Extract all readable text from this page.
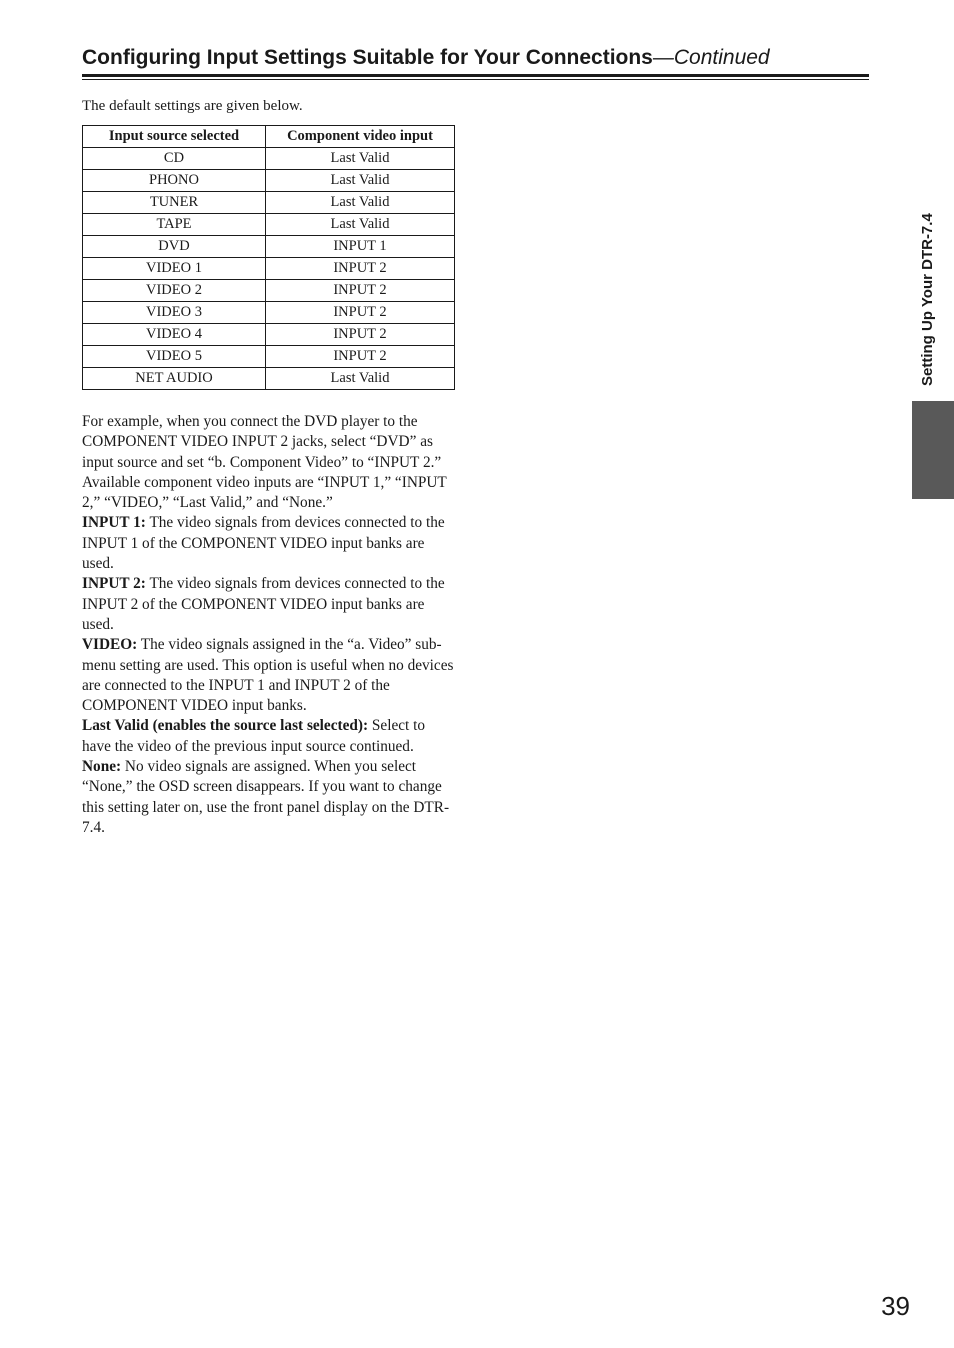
Configuring Input Settings Suitable for Your Connections—Continued
The default settings are given below.
Input source selected	Component video input
CD	Last Valid
PHONO	Last Valid
TUNER	Last Valid
TAPE	Last Valid
DVD	INPUT 1
VIDEO 1	INPUT 2
VIDEO 2	INPUT 2
VIDEO 3	INPUT 2
VIDEO 4	INPUT 2
VIDEO 5	INPUT 2
NET AUDIO	Last Valid

For example, when you connect the DVD player to the COMPONENT VIDEO INPUT 2 jacks, select “DVD” as input source and set “b. Component Video” to “INPUT 2.”

Available component video inputs are “INPUT 1,” “INPUT 2,” “VIDEO,” “Last Valid,” and “None.”

INPUT 1: The video signals from devices connected to the INPUT 1 of the COMPONENT VIDEO input banks are used.

INPUT 2: The video signals from devices connected to the INPUT 2 of the COMPONENT VIDEO input banks are used.

VIDEO: The video signals assigned in the “a. Video” sub-menu setting are used. This option is useful when no devices are connected to the INPUT 1 and INPUT 2 of the COMPONENT VIDEO input banks.

Last Valid (enables the source last selected): Select to have the video of the previous input source continued.

None: No video signals are assigned. When you select “None,” the OSD screen disappears. If you want to change this setting later on, use the front panel display on the DTR-7.4.

Setting Up Your DTR-7.4
39
